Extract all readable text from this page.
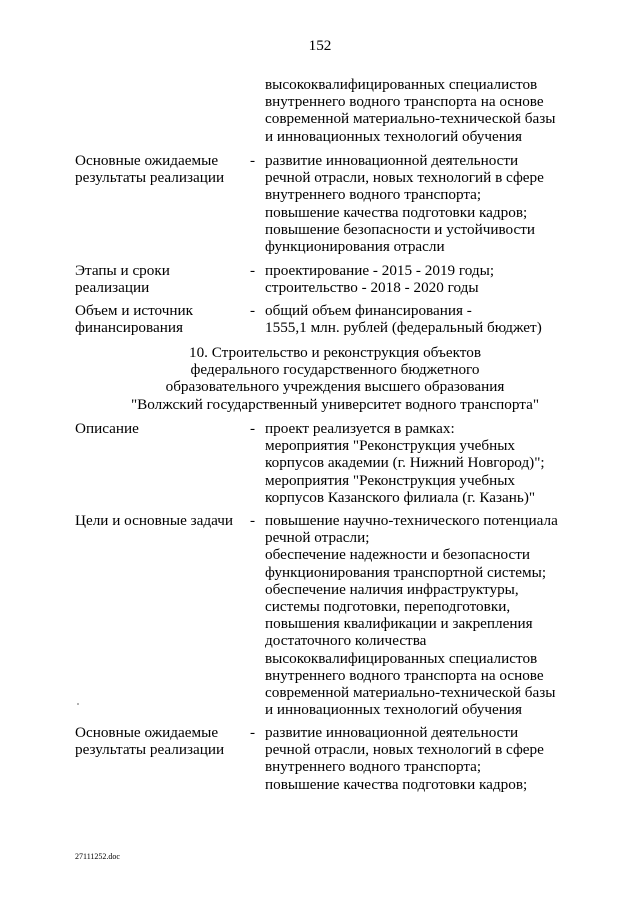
152
высококвалифицированных специалистов
внутреннего водного транспорта на основе
современной материально-технической базы
и инновационных технологий обучения
Основные ожидаемые
результаты реализации
- развитие инновационной деятельности
речной отрасли, новых технологий в сфере
внутреннего водного транспорта;
повышение качества подготовки кадров;
повышение безопасности и устойчивости
функционирования отрасли
Этапы и сроки
реализации
- проектирование - 2015 - 2019 годы;
строительство - 2018 - 2020 годы
Объем и источник
финансирования
- общий объем финансирования -
1555,1 млн. рублей (федеральный бюджет)
10. Строительство и реконструкция объектов
федерального государственного бюджетного
образовательного учреждения высшего образования
"Волжский государственный университет водного транспорта"
Описание	- проект реализуется в рамках:
мероприятия "Реконструкция учебных
корпусов академии (г. Нижний Новгород)";
мероприятия "Реконструкция учебных
корпусов Казанского филиала (г. Казань)"
Цели и основные задачи	- повышение научно-технического потенциала
речной отрасли;
обеспечение надежности и безопасности
функционирования транспортной системы;
обеспечение наличия инфраструктуры,
системы подготовки, переподготовки,
повышения квалификации и закрепления
достаточного количества
высококвалифицированных специалистов
внутреннего водного транспорта на основе
современной материально-технической базы
и инновационных технологий обучения
Основные ожидаемые
результаты реализации
- развитие инновационной деятельности
речной отрасли, новых технологий в сфере
внутреннего водного транспорта;
повышение качества подготовки кадров;
27111252.doc
